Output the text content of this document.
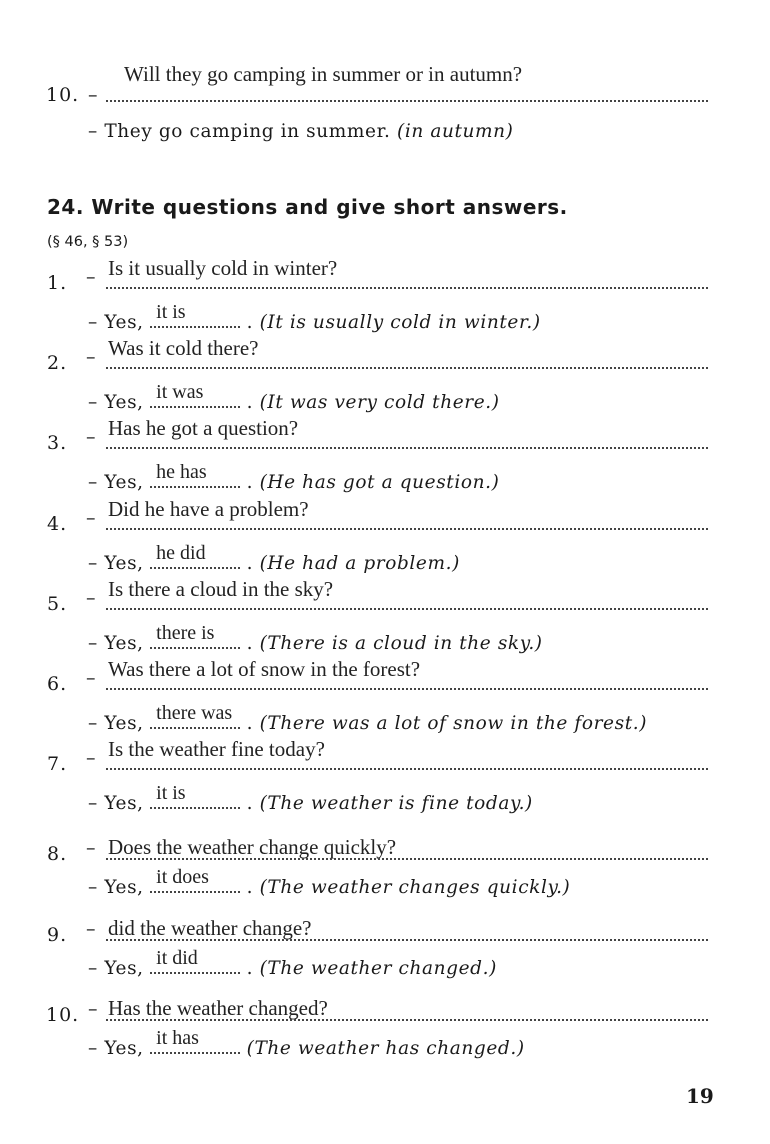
Will they go camping in summer or in autumn?
10. –
– They go camping in summer. (in autumn)
24. Write questions and give short answers.
(§ 46, § 53)
Is it usually cold in winter?
1. –
– Yes, it is	. (It is usually cold in winter.)
Was it cold there?
2. –
– Yes, it was . (It was very cold there.)
Has he got a question?
3. –
– Yes, he has . (He has got a question.)
Did he have a problem?
4. –
– Yes, he did . (He had a problem.)
Is there a cloud in the sky?
5. –
– Yes, there is . (There is a cloud in the sky.)
Was there a lot of snow in the forest?
6. –
– Yes, there was . (There was a lot of snow in the forest.)
Is the weather fine today?
7. –
– Yes, it is	. (The weather is fine today.)
Does the weather change quickly?
8. –
– Yes, it does . (The weather changes quickly.)
did the weather change?
9. –
– Yes, it did . (The weather changed.)
Has the weather changed?
10. –
– Yes, it has	(The weather has changed.)
19
